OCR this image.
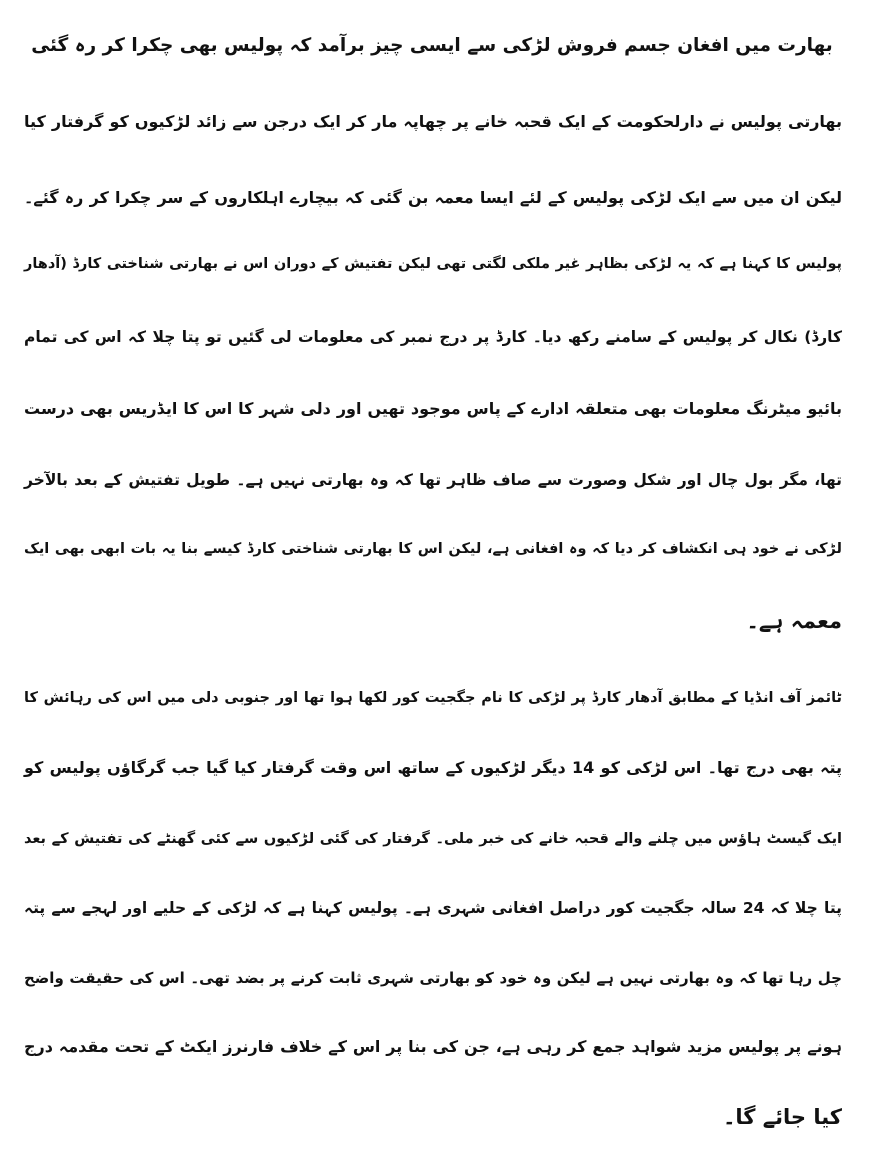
بھارت میں افغان جسم فروش لڑکی سے ایسی چیز برآمد کہ پولیس بھی چکرا کر رہ گئی

بھارتی پولیس نے دارلحکومت کے ایک قحبہ خانے پر چھاپہ مار کر ایک درجن سے زائد لڑکیوں کو گرفتار کیا

لیکن ان میں سے ایک لڑکی پولیس کے لئے ایسا معمہ بن گئی کہ بیچارے اہلکاروں کے سر چکرا کر رہ گئے۔

پولیس کا کہنا ہے کہ یہ لڑکی بظاہر غیر ملکی لگتی تھی لیکن تفتیش کے دوران اس نے بھارتی شناختی کارڈ (آدھار

کارڈ) نکال کر پولیس کے سامنے رکھ دیا۔ کارڈ پر درج نمبر کی معلومات لی گئیں تو پتا چلا کہ اس کی تمام

بائیو میٹرنگ معلومات بھی متعلقہ ادارے کے پاس موجود تھیں اور دلی شہر کا اس کا ایڈریس بھی درست

تھا، مگر بول چال اور شکل وصورت سے صاف ظاہر تھا کہ وہ بھارتی نہیں ہے۔ طویل تفتیش کے بعد بالآخر

لڑکی نے خود ہی انکشاف کر دیا کہ وہ افغانی ہے، لیکن اس کا بھارتی شناختی کارڈ کیسے بنا یہ بات ابھی بھی ایک

معمہ ہے۔

ٹائمز آف انڈیا کے مطابق آدھار کارڈ پر لڑکی کا نام جگجیت کور لکھا ہوا تھا اور جنوبی دلی میں اس کی رہائش کا

پتہ بھی درج تھا۔ اس لڑکی کو 14 دیگر لڑکیوں کے ساتھ اس وقت گرفتار کیا گیا جب گرگاؤں پولیس کو

ایک گیسٹ ہاؤس میں چلنے والے قحبہ خانے کی خبر ملی۔ گرفتار کی گئی لڑکیوں سے کئی گھنٹے کی تفتیش کے بعد

پتا چلا کہ 24 سالہ جگجیت کور دراصل افغانی شہری ہے۔ پولیس کہنا ہے کہ لڑکی کے حلیے اور لہجے سے پتہ

چل رہا تھا کہ وہ بھارتی نہیں ہے لیکن وہ خود کو بھارتی شہری ثابت کرنے پر بضد تھی۔ اس کی حقیقت واضح

ہونے پر پولیس مزید شواہد جمع کر رہی ہے، جن کی بنا پر اس کے خلاف فارنرز ایکٹ کے تحت مقدمہ درج

کیا جائے گا۔
